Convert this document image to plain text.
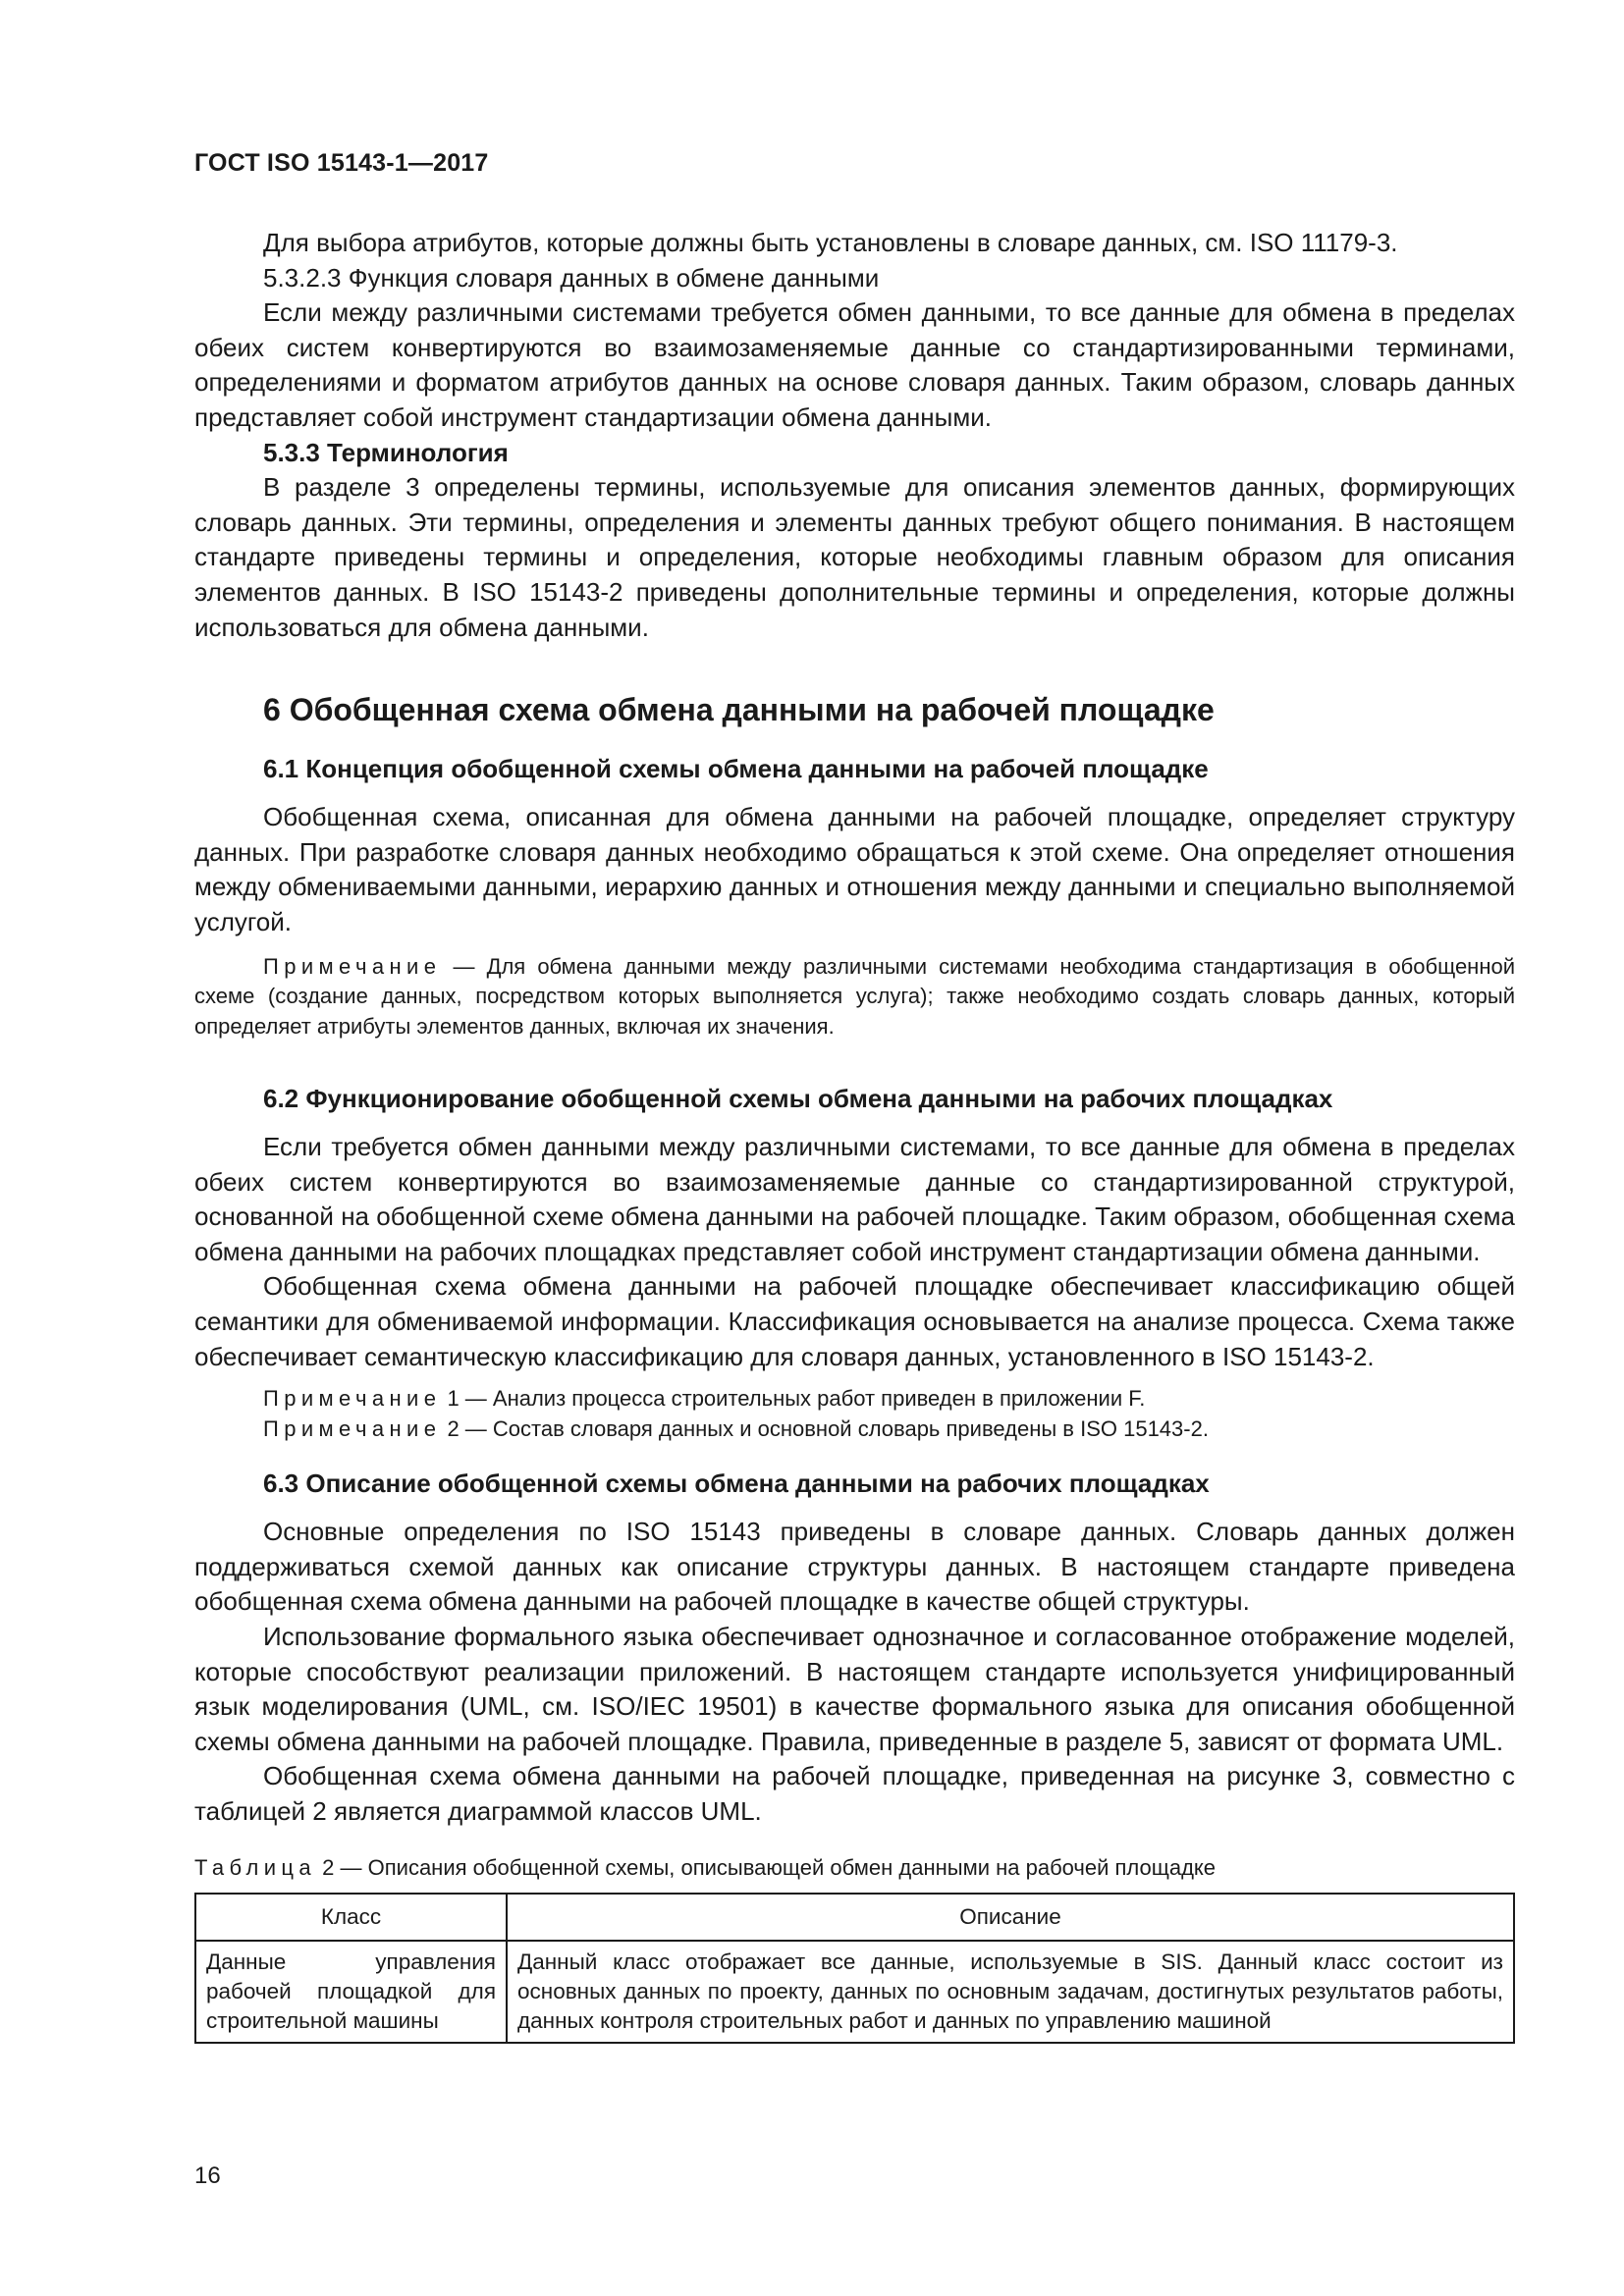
ГОСТ ISO 15143-1—2017

Для выбора атрибутов, которые должны быть установлены в словаре данных, см. ISO 11179-3.

5.3.2.3 Функция словаря данных в обмене данными

Если между различными системами требуется обмен данными, то все данные для обмена в пределах обеих систем конвертируются во взаимозаменяемые данные со стандартизированными терминами, определениями и форматом атрибутов данных на основе словаря данных. Таким образом, словарь данных представляет собой инструмент стандартизации обмена данными.

5.3.3 Терминология

В разделе 3 определены термины, используемые для описания элементов данных, формирующих словарь данных. Эти термины, определения и элементы данных требуют общего понимания. В настоящем стандарте приведены термины и определения, которые необходимы главным образом для описания элементов данных. В ISO 15143-2 приведены дополнительные термины и определения, которые должны использоваться для обмена данными.

6 Обобщенная схема обмена данными на рабочей площадке
6.1 Концепция обобщенной схемы обмена данными на рабочей площадке

Обобщенная схема, описанная для обмена данными на рабочей площадке, определяет структуру данных. При разработке словаря данных необходимо обращаться к этой схеме. Она определяет отношения между обмениваемыми данными, иерархию данных и отношения между данными и специально выполняемой услугой.

Примечание — Для обмена данными между различными системами необходима стандартизация в обобщенной схеме (создание данных, посредством которых выполняется услуга); также необходимо создать словарь данных, который определяет атрибуты элементов данных, включая их значения.

6.2 Функционирование обобщенной схемы обмена данными на рабочих площадках

Если требуется обмен данными между различными системами, то все данные для обмена в пределах обеих систем конвертируются во взаимозаменяемые данные со стандартизированной структурой, основанной на обобщенной схеме обмена данными на рабочей площадке. Таким образом, обобщенная схема обмена данными на рабочих площадках представляет собой инструмент стандартизации обмена данными.

Обобщенная схема обмена данными на рабочей площадке обеспечивает классификацию общей семантики для обмениваемой информации. Классификация основывается на анализе процесса. Схема также обеспечивает семантическую классификацию для словаря данных, установленного в ISO 15143-2.

Примечание 1 — Анализ процесса строительных работ приведен в приложении F.

Примечание 2 — Состав словаря данных и основной словарь приведены в ISO 15143-2.

6.3 Описание обобщенной схемы обмена данными на рабочих площадках

Основные определения по ISO 15143 приведены в словаре данных. Словарь данных должен поддерживаться схемой данных как описание структуры данных. В настоящем стандарте приведена обобщенная схема обмена данными на рабочей площадке в качестве общей структуры.

Использование формального языка обеспечивает однозначное и согласованное отображение моделей, которые способствуют реализации приложений. В настоящем стандарте используется унифицированный язык моделирования (UML, см. ISO/IEC 19501) в качестве формального языка для описания обобщенной схемы обмена данными на рабочей площадке. Правила, приведенные в разделе 5, зависят от формата UML.

Обобщенная схема обмена данными на рабочей площадке, приведенная на рисунке 3, совместно с таблицей 2 является диаграммой классов UML.

Таблица 2 — Описания обобщенной схемы, описывающей обмен данными на рабочей площадке
Класс	Описание
Данные управления рабочей площадкой для строительной машины	Данный класс отображает все данные, используемые в SIS. Данный класс состоит из основных данных по проекту, данных по основным задачам, достигнутых результатов работы, данных контроля строительных работ и данных по управлению машиной
16
